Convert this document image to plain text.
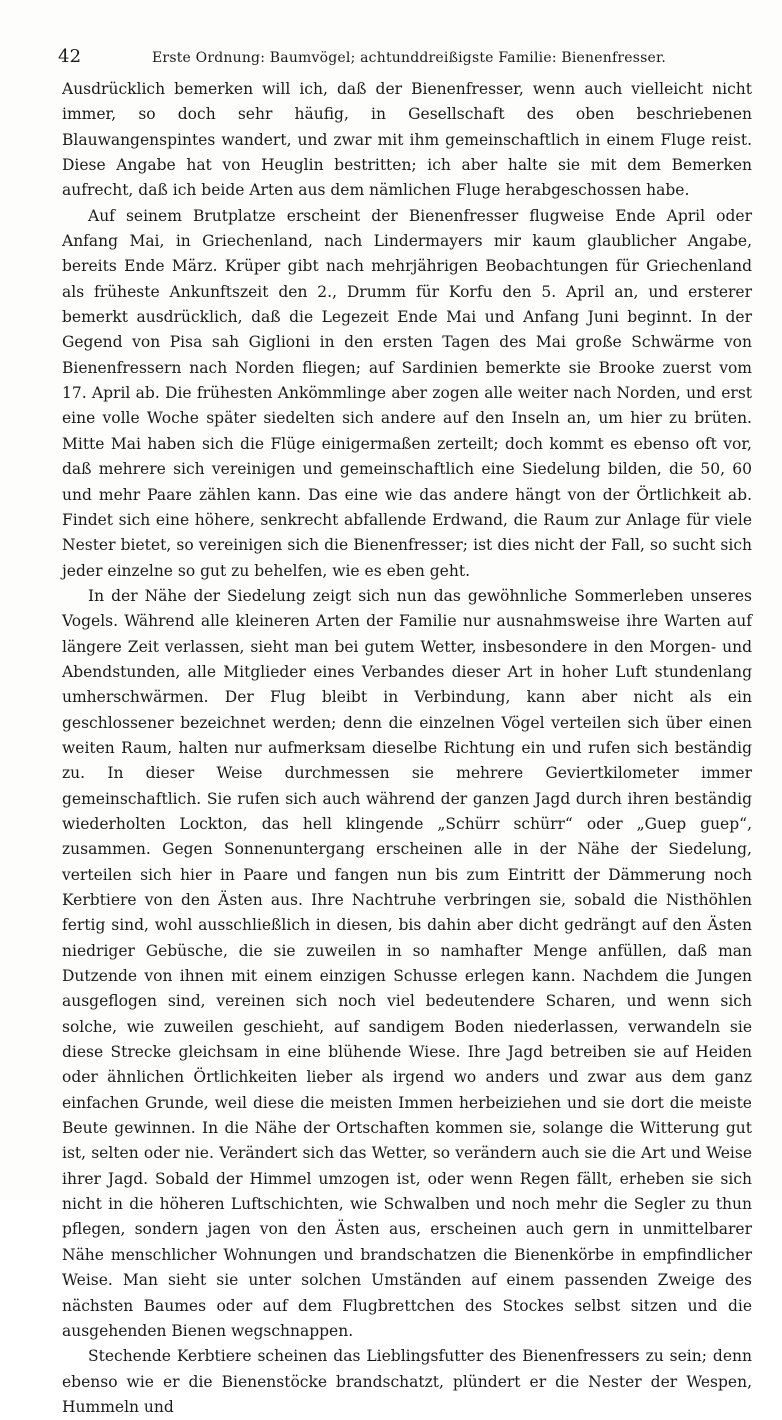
42	Erste Ordnung: Baumvögel; achtunddreißigste Familie: Bienenfresser.

Ausdrücklich bemerken will ich, daß der Bienenfresser, wenn auch vielleicht nicht immer, so doch sehr häufig, in Gesellschaft des oben beschriebenen Blauwangenspintes wandert, und zwar mit ihm gemeinschaftlich in einem Fluge reist. Diese Angabe hat von Heuglin bestritten; ich aber halte sie mit dem Bemerken aufrecht, daß ich beide Arten aus dem nämlichen Fluge herabgeschossen habe.

Auf seinem Brutplatze erscheint der Bienenfresser flugweise Ende April oder Anfang Mai, in Griechenland, nach Lindermayers mir kaum glaublicher Angabe, bereits Ende März. Krüper gibt nach mehrjährigen Beobachtungen für Griechenland als früheste Ankunftszeit den 2., Drumm für Korfu den 5. April an, und ersterer bemerkt ausdrücklich, daß die Legezeit Ende Mai und Anfang Juni beginnt. In der Gegend von Pisa sah Giglioni in den ersten Tagen des Mai große Schwärme von Bienenfressern nach Norden fliegen; auf Sardinien bemerkte sie Brooke zuerst vom 17. April ab. Die frühesten Ankömmlinge aber zogen alle weiter nach Norden, und erst eine volle Woche später siedelten sich andere auf den Inseln an, um hier zu brüten. Mitte Mai haben sich die Flüge einigermaßen zerteilt; doch kommt es ebenso oft vor, daß mehrere sich vereinigen und gemeinschaftlich eine Siedelung bilden, die 50, 60 und mehr Paare zählen kann. Das eine wie das andere hängt von der Örtlichkeit ab. Findet sich eine höhere, senkrecht abfallende Erdwand, die Raum zur Anlage für viele Nester bietet, so vereinigen sich die Bienenfresser; ist dies nicht der Fall, so sucht sich jeder einzelne so gut zu behelfen, wie es eben geht.

In der Nähe der Siedelung zeigt sich nun das gewöhnliche Sommerleben unseres Vogels. Während alle kleineren Arten der Familie nur ausnahmsweise ihre Warten auf längere Zeit verlassen, sieht man bei gutem Wetter, insbesondere in den Morgen- und Abendstunden, alle Mitglieder eines Verbandes dieser Art in hoher Luft stundenlang umherschwärmen. Der Flug bleibt in Verbindung, kann aber nicht als ein geschlossener bezeichnet werden; denn die einzelnen Vögel verteilen sich über einen weiten Raum, halten nur aufmerksam dieselbe Richtung ein und rufen sich beständig zu. In dieser Weise durchmessen sie mehrere Geviertkilometer immer gemeinschaftlich. Sie rufen sich auch während der ganzen Jagd durch ihren beständig wiederholten Lockton, das hell klingende „Schürr schürr“ oder „Guep guep“, zusammen. Gegen Sonnenuntergang erscheinen alle in der Nähe der Siedelung, verteilen sich hier in Paare und fangen nun bis zum Eintritt der Dämmerung noch Kerbtiere von den Ästen aus. Ihre Nachtruhe verbringen sie, sobald die Nisthöhlen fertig sind, wohl ausschließlich in diesen, bis dahin aber dicht gedrängt auf den Ästen niedriger Gebüsche, die sie zuweilen in so namhafter Menge anfüllen, daß man Dutzende von ihnen mit einem einzigen Schusse erlegen kann. Nachdem die Jungen ausgeflogen sind, vereinen sich noch viel bedeutendere Scharen, und wenn sich solche, wie zuweilen geschieht, auf sandigem Boden niederlassen, verwandeln sie diese Strecke gleichsam in eine blühende Wiese. Ihre Jagd betreiben sie auf Heiden oder ähnlichen Örtlichkeiten lieber als irgend wo anders und zwar aus dem ganz einfachen Grunde, weil diese die meisten Immen herbeiziehen und sie dort die meiste Beute gewinnen. In die Nähe der Ortschaften kommen sie, solange die Witterung gut ist, selten oder nie. Verändert sich das Wetter, so verändern auch sie die Art und Weise ihrer Jagd. Sobald der Himmel umzogen ist, oder wenn Regen fällt, erheben sie sich nicht in die höheren Luftschichten, wie Schwalben und noch mehr die Segler zu thun pflegen, sondern jagen von den Ästen aus, erscheinen auch gern in unmittelbarer Nähe menschlicher Wohnungen und brandschatzen die Bienenkörbe in empfindlicher Weise. Man sieht sie unter solchen Umständen auf einem passenden Zweige des nächsten Baumes oder auf dem Flugbrettchen des Stockes selbst sitzen und die ausgehenden Bienen wegschnappen.

Stechende Kerbtiere scheinen das Lieblingsfutter des Bienenfressers zu sein; denn ebenso wie er die Bienenstöcke brandschatzt, plündert er die Nester der Wespen, Hummeln und
